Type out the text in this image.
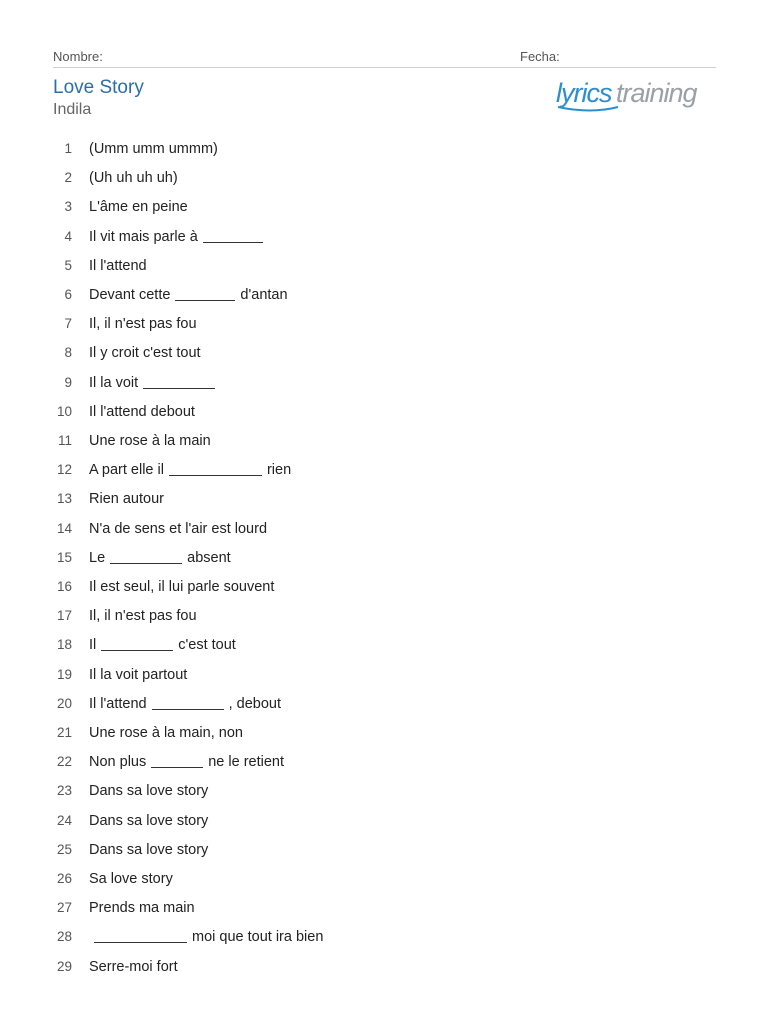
Nombre:	Fecha:
Love Story
Indila
lyrics training
1 (Umm umm ummm)
2 (Uh uh uh uh)
3 L'âme en peine
4 Il vit mais parle à
5 Il l'attend
6 Devant cette	d'antan
7 Il, il n'est pas fou
8 Il y croit c'est tout
9 Il la voit
10 Il l'attend debout
11 Une rose à la main
12 A part elle il	rien
13 Rien autour
14 N'a de sens et l'air est lourd
15 Le	absent
16 Il est seul, il lui parle souvent
17 Il, il n'est pas fou
18 Il	c'est tout
19 Il la voit partout
20 Il l'attend	, debout
21 Une rose à la main, non
22 Non plus	ne le retient
23 Dans sa love story
24 Dans sa love story
25 Dans sa love story
26 Sa love story
27 Prends ma main
28	moi que tout ira bien
29 Serre-moi fort
